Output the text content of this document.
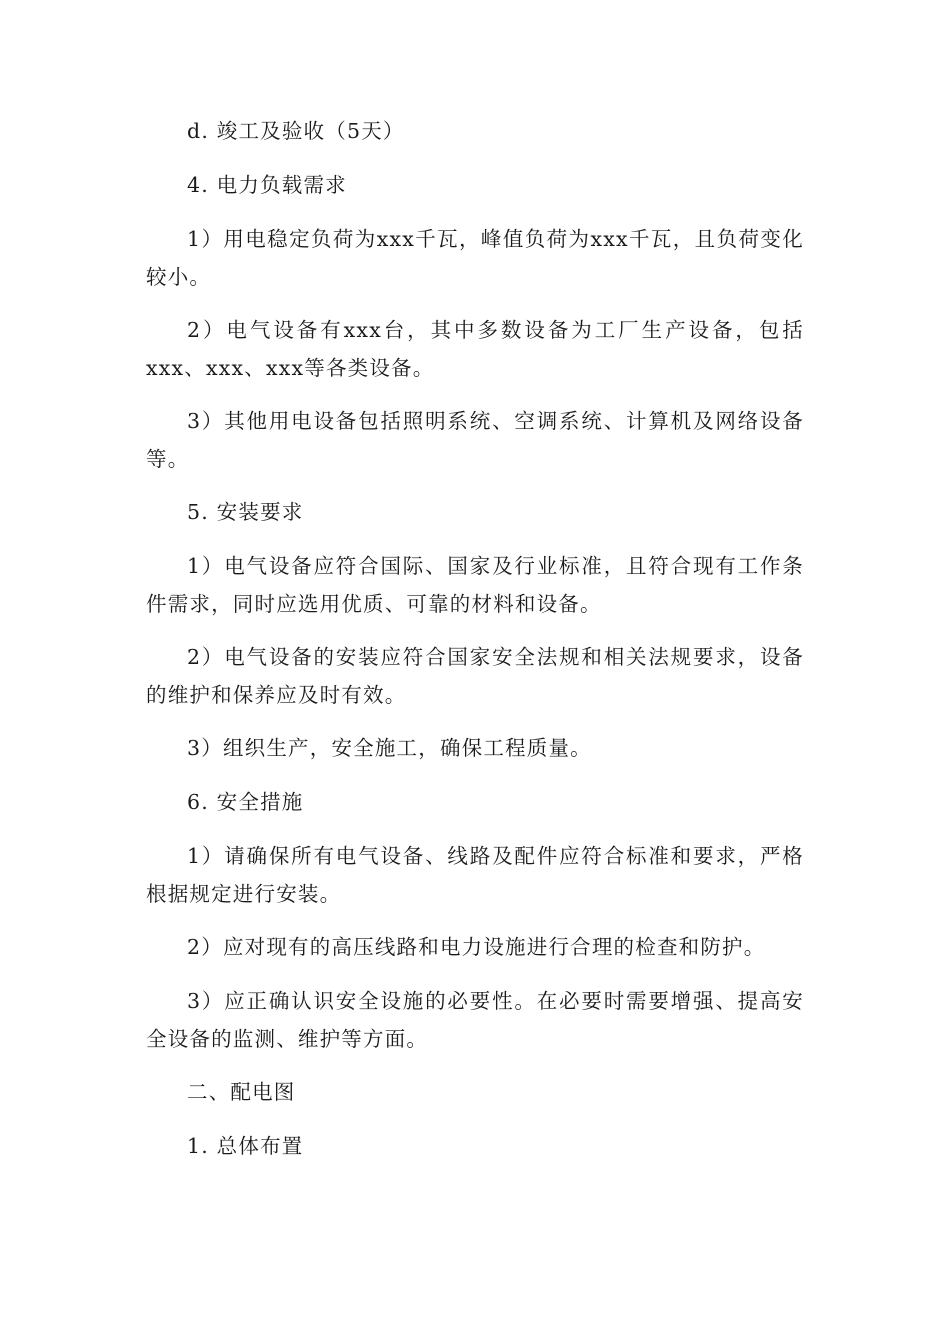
d. 竣工及验收（5天）

4. 电力负载需求

1）用电稳定负荷为xxx千瓦，峰值负荷为xxx千瓦，且负荷变化较小。

2）电气设备有xxx台，其中多数设备为工厂生产设备，包括xxx、xxx、xxx等各类设备。

3）其他用电设备包括照明系统、空调系统、计算机及网络设备等。

5. 安装要求

1）电气设备应符合国际、国家及行业标准，且符合现有工作条件需求，同时应选用优质、可靠的材料和设备。

2）电气设备的安装应符合国家安全法规和相关法规要求，设备的维护和保养应及时有效。

3）组织生产，安全施工，确保工程质量。

6. 安全措施

1）请确保所有电气设备、线路及配件应符合标准和要求，严格根据规定进行安装。

2）应对现有的高压线路和电力设施进行合理的检查和防护。

3）应正确认识安全设施的必要性。在必要时需要增强、提高安全设备的监测、维护等方面。

二、配电图

1. 总体布置
